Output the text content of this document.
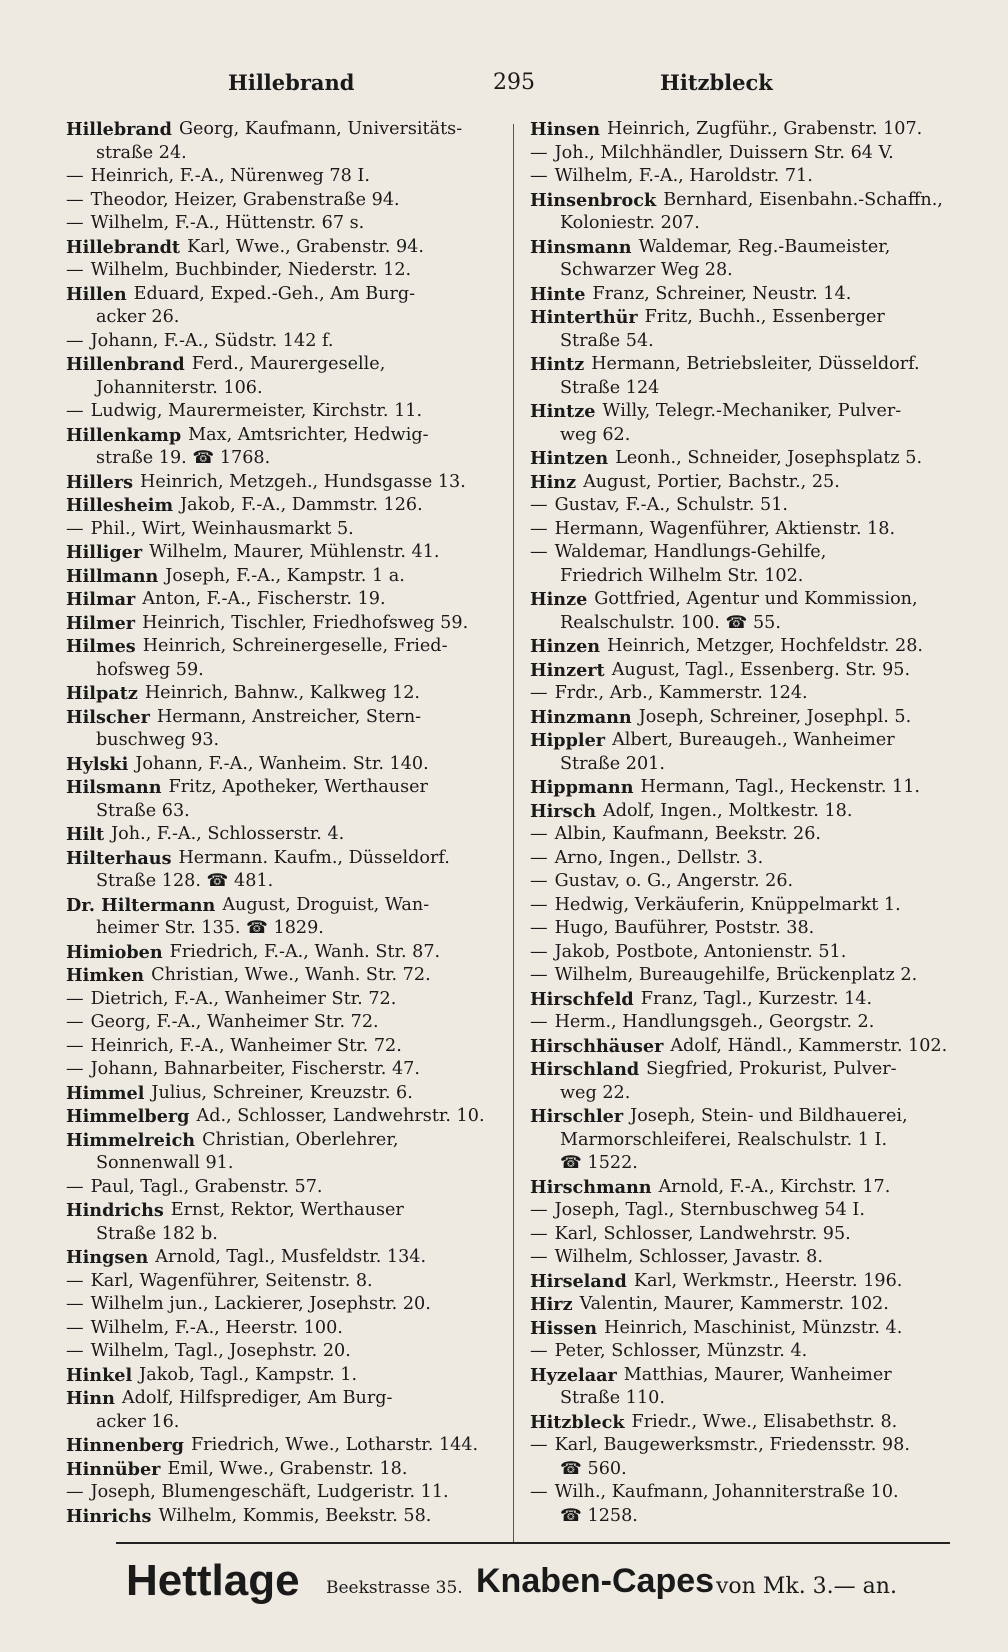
Hillebrand	295	Hitzbleck
Hillebrand Georg, Kaufmann, Universitäts-
straße 24.
— Heinrich, F.-A., Nürenweg 78 I.
— Theodor, Heizer, Grabenstraße 94.
— Wilhelm, F.-A., Hüttenstr. 67 s.
Hillebrandt Karl, Wwe., Grabenstr. 94.
— Wilhelm, Buchbinder, Niederstr. 12.
Hillen Eduard, Exped.-Geh., Am Burg-
acker 26.
— Johann, F.-A., Südstr. 142 f.
Hillenbrand Ferd., Maurergeselle,
Johanniterstr. 106.
— Ludwig, Maurermeister, Kirchstr. 11.
Hillenkamp Max, Amtsrichter, Hedwig-
straße 19. ☎ 1768.
Hillers Heinrich, Metzgeh., Hundsgasse 13.
Hillesheim Jakob, F.-A., Dammstr. 126.
— Phil., Wirt, Weinhausmarkt 5.
Hilliger Wilhelm, Maurer, Mühlenstr. 41.
Hillmann Joseph, F.-A., Kampstr. 1 a.
Hilmar Anton, F.-A., Fischerstr. 19.
Hilmer Heinrich, Tischler, Friedhofsweg 59.
Hilmes Heinrich, Schreinergeselle, Fried-
hofsweg 59.
Hilpatz Heinrich, Bahnw., Kalkweg 12.
Hilscher Hermann, Anstreicher, Stern-
buschweg 93.
Hylski Johann, F.-A., Wanheim. Str. 140.
Hilsmann Fritz, Apotheker, Werthauser
Straße 63.
Hilt Joh., F.-A., Schlosserstr. 4.
Hilterhaus Hermann. Kaufm., Düsseldorf.
Straße 128. ☎ 481.
Dr. Hiltermann August, Droguist, Wan-
heimer Str. 135. ☎ 1829.
Himioben Friedrich, F.-A., Wanh. Str. 87.
Himken Christian, Wwe., Wanh. Str. 72.
— Dietrich, F.-A., Wanheimer Str. 72.
— Georg, F.-A., Wanheimer Str. 72.
— Heinrich, F.-A., Wanheimer Str. 72.
— Johann, Bahnarbeiter, Fischerstr. 47.
Himmel Julius, Schreiner, Kreuzstr. 6.
Himmelberg Ad., Schlosser, Landwehrstr. 10.
Himmelreich Christian, Oberlehrer,
Sonnenwall 91.
— Paul, Tagl., Grabenstr. 57.
Hindrichs Ernst, Rektor, Werthauser
Straße 182 b.
Hingsen Arnold, Tagl., Musfeldstr. 134.
— Karl, Wagenführer, Seitenstr. 8.
— Wilhelm jun., Lackierer, Josephstr. 20.
— Wilhelm, F.-A., Heerstr. 100.
— Wilhelm, Tagl., Josephstr. 20.
Hinkel Jakob, Tagl., Kampstr. 1.
Hinn Adolf, Hilfsprediger, Am Burg-
acker 16.
Hinnenberg Friedrich, Wwe., Lotharstr. 144.
Hinnüber Emil, Wwe., Grabenstr. 18.
— Joseph, Blumengeschäft, Ludgeristr. 11.
Hinrichs Wilhelm, Kommis, Beekstr. 58.
Hinsen Heinrich, Zugführ., Grabenstr. 107.
— Joh., Milchhändler, Duissern Str. 64 V.
— Wilhelm, F.-A., Haroldstr. 71.
Hinsenbrock Bernhard, Eisenbahn.-Schaffn.,
Koloniestr. 207.
Hinsmann Waldemar, Reg.-Baumeister,
Schwarzer Weg 28.
Hinte Franz, Schreiner, Neustr. 14.
Hinterthür Fritz, Buchh., Essenberger
Straße 54.
Hintz Hermann, Betriebsleiter, Düsseldorf.
Straße 124
Hintze Willy, Telegr.-Mechaniker, Pulver-
weg 62.
Hintzen Leonh., Schneider, Josephsplatz 5.
Hinz August, Portier, Bachstr., 25.
— Gustav, F.-A., Schulstr. 51.
— Hermann, Wagenführer, Aktienstr. 18.
— Waldemar, Handlungs-Gehilfe,
Friedrich Wilhelm Str. 102.
Hinze Gottfried, Agentur und Kommission,
Realschulstr. 100. ☎ 55.
Hinzen Heinrich, Metzger, Hochfeldstr. 28.
Hinzert August, Tagl., Essenberg. Str. 95.
— Frdr., Arb., Kammerstr. 124.
Hinzmann Joseph, Schreiner, Josephpl. 5.
Hippler Albert, Bureaugeh., Wanheimer
Straße 201.
Hippmann Hermann, Tagl., Heckenstr. 11.
Hirsch Adolf, Ingen., Moltkestr. 18.
— Albin, Kaufmann, Beekstr. 26.
— Arno, Ingen., Dellstr. 3.
— Gustav, o. G., Angerstr. 26.
— Hedwig, Verkäuferin, Knüppelmarkt 1.
— Hugo, Bauführer, Poststr. 38.
— Jakob, Postbote, Antonienstr. 51.
— Wilhelm, Bureaugehilfe, Brückenplatz 2.
Hirschfeld Franz, Tagl., Kurzestr. 14.
— Herm., Handlungsgeh., Georgstr. 2.
Hirschhäuser Adolf, Händl., Kammerstr. 102.
Hirschland Siegfried, Prokurist, Pulver-
weg 22.
Hirschler Joseph, Stein- und Bildhauerei,
Marmorschleiferei, Realschulstr. 1 I.
☎ 1522.
Hirschmann Arnold, F.-A., Kirchstr. 17.
— Joseph, Tagl., Sternbuschweg 54 I.
— Karl, Schlosser, Landwehrstr. 95.
— Wilhelm, Schlosser, Javastr. 8.
Hirseland Karl, Werkmstr., Heerstr. 196.
Hirz Valentin, Maurer, Kammerstr. 102.
Hissen Heinrich, Maschinist, Münzstr. 4.
— Peter, Schlosser, Münzstr. 4.
Hyzelaar Matthias, Maurer, Wanheimer
Straße 110.
Hitzbleck Friedr., Wwe., Elisabethstr. 8.
— Karl, Baugewerksmstr., Friedensstr. 98.
☎ 560.
— Wilh., Kaufmann, Johanniterstraße 10.
☎ 1258.
Hettlage Beekstrasse 35. Knaben-Capes von Mk. 3.— an.
